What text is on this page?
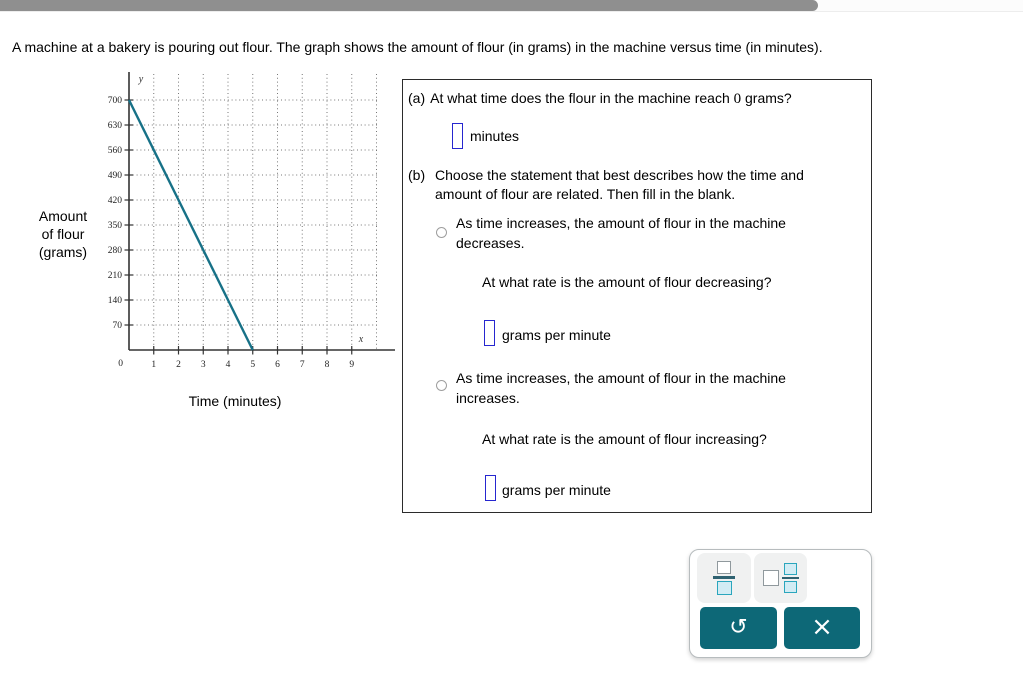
A machine at a bakery is pouring out flour. The graph shows the amount of flour (in grams) in the machine versus time (in minutes).
Amount
of flour
(grams)
70
140
210
280
350
420
490
560
630
700
1 2 3 4 5 6 7 8 9
0
y
x
Time (minutes)
(a) At what time does the flour in the machine reach 0 grams?
minutes
(b) Choose the statement that best describes how the time and
amount of flour are related. Then fill in the blank.
As time increases, the amount of flour in the machine
decreases.
At what rate is the amount of flour decreasing?
grams per minute
As time increases, the amount of flour in the machine
increases.
At what rate is the amount of flour increasing?
grams per minute
↺ ×
